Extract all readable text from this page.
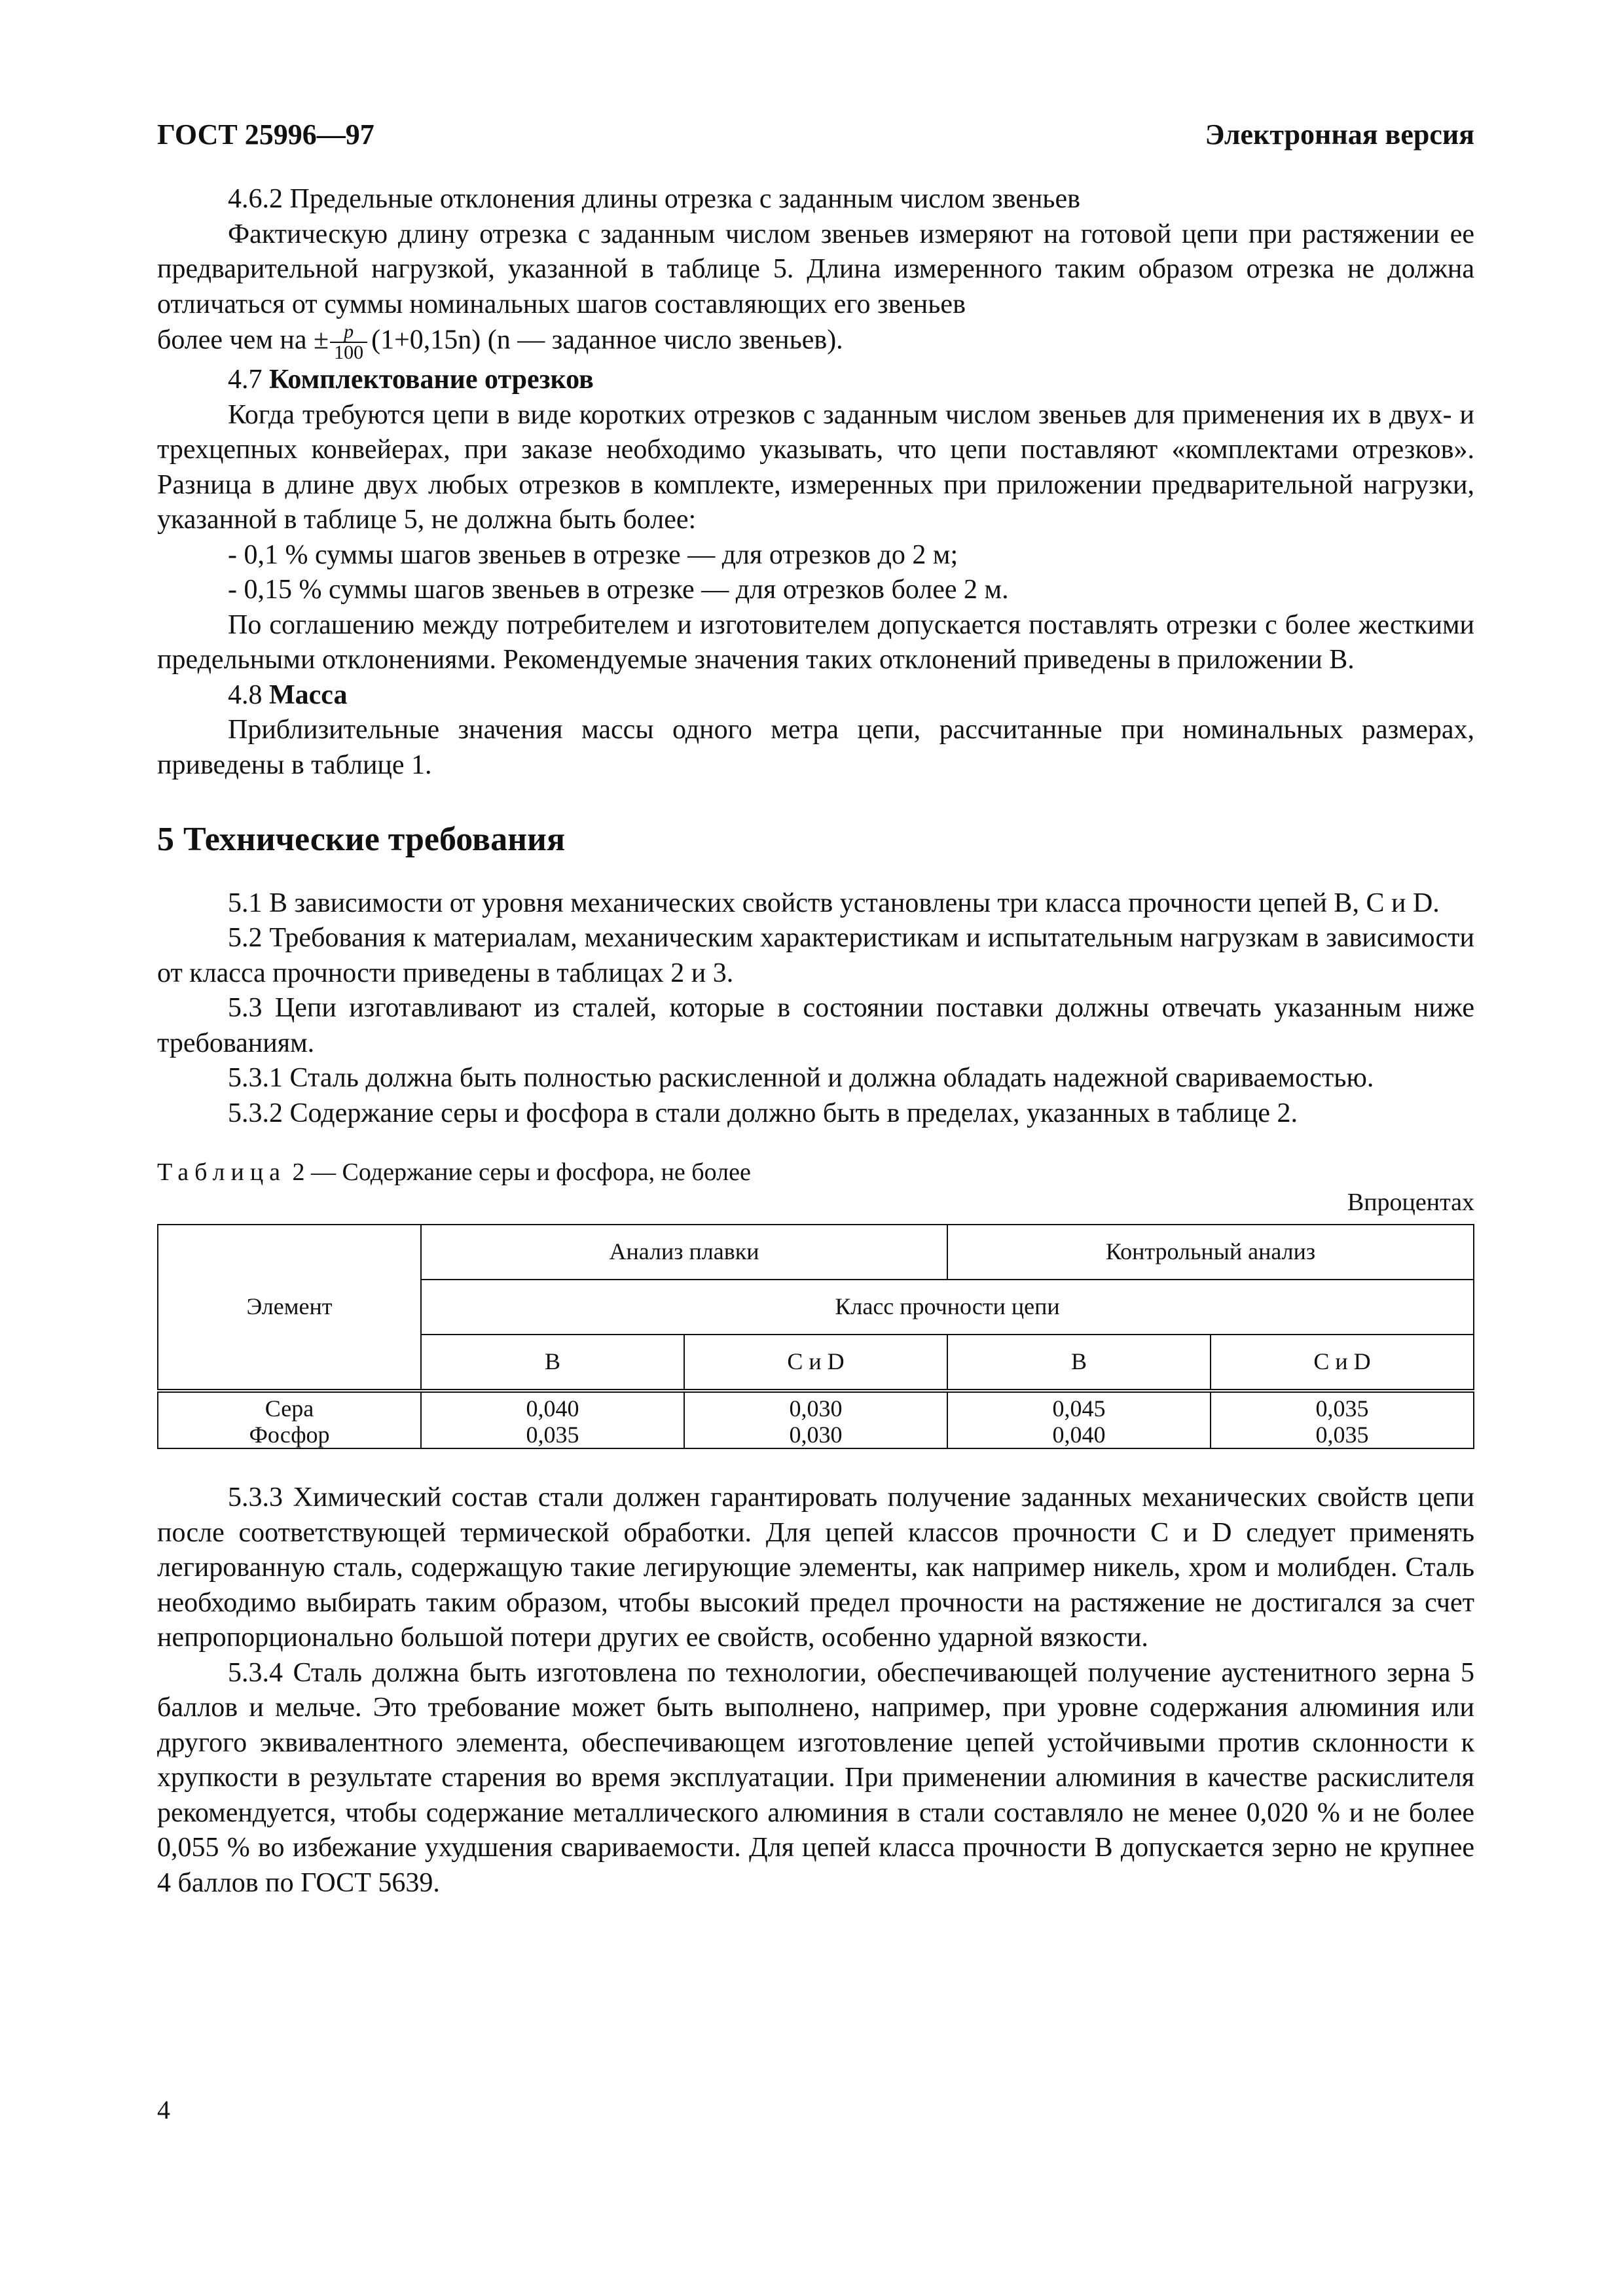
ГОСТ 25996—97	Электронная версия

4.6.2 Предельные отклонения длины отрезка с заданным числом звеньев

Фактическую длину отрезка с заданным числом звеньев измеряют на готовой цепи при растяжении ее предварительной нагрузкой, указанной в таблице 5. Длина измеренного таким образом отрезка не должна отличаться от суммы номинальных шагов составляющих его звеньев

более чем на ± $\frac{p}{100} (1+0,15n)$ (n — заданное число звеньев).

4.7 Комплектование отрезков

Когда требуются цепи в виде коротких отрезков с заданным числом звеньев для применения их в двух- и трехцепных конвейерах, при заказе необходимо указывать, что цепи поставляют «комплектами отрезков». Разница в длине двух любых отрезков в комплекте, измеренных при приложении предварительной нагрузки, указанной в таблице 5, не должна быть более:

- 0,1 % суммы шагов звеньев в отрезке — для отрезков до 2 м;

- 0,15 % суммы шагов звеньев в отрезке — для отрезков более 2 м.

По соглашению между потребителем и изготовителем допускается поставлять отрезки с более жесткими предельными отклонениями. Рекомендуемые значения таких отклонений приведены в приложении В.

4.8 Масса

Приблизительные значения массы одного метра цепи, рассчитанные при номинальных размерах, приведены в таблице 1.

5 Технические требования

5.1 В зависимости от уровня механических свойств установлены три класса прочности цепей В, С и D.

5.2 Требования к материалам, механическим характеристикам и испытательным нагрузкам в зависимости от класса прочности приведены в таблицах 2 и 3.

5.3 Цепи изготавливают из сталей, которые в состоянии поставки должны отвечать указанным ниже требованиям.

5.3.1 Сталь должна быть полностью раскисленной и должна обладать надежной свариваемостью.

5.3.2 Содержание серы и фосфора в стали должно быть в пределах, указанных в таблице 2.

Таблица 2 — Содержание серы и фосфора, не более
Впроцентах
Элемент	Анализ плавки		Контрольный анализ	
	Класс прочности цепи			
	В	С и D	В	С и D
Сера	0,040	0,030	0,045	0,035
Фосфор	0,035	0,030	0,040	0,035

5.3.3 Химический состав стали должен гарантировать получение заданных механических свойств цепи после соответствующей термической обработки. Для цепей классов прочности С и D следует применять легированную сталь, содержащую такие легирующие элементы, как например никель, хром и молибден. Сталь необходимо выбирать таким образом, чтобы высокий предел прочности на растяжение не достигался за счет непропорционально большой потери других ее свойств, особенно ударной вязкости.

5.3.4 Сталь должна быть изготовлена по технологии, обеспечивающей получение аустенитного зерна 5 баллов и мельче. Это требование может быть выполнено, например, при уровне содержания алюминия или другого эквивалентного элемента, обеспечивающем изготовление цепей устойчивыми против склонности к хрупкости в результате старения во время эксплуатации. При применении алюминия в качестве раскислителя рекомендуется, чтобы содержание металлического алюминия в стали составляло не менее 0,020 % и не более 0,055 % во избежание ухудшения свариваемости. Для цепей класса прочности В допускается зерно не крупнее 4 баллов по ГОСТ 5639.

4
